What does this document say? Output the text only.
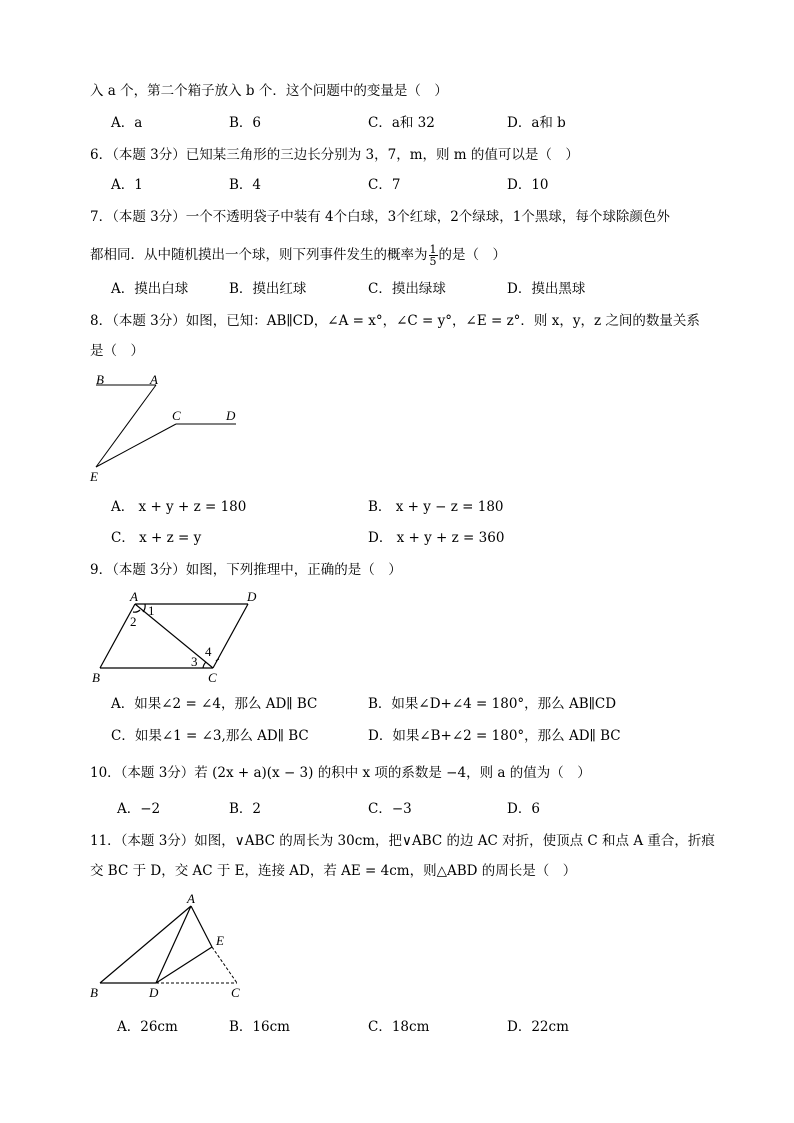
入 a 个，第二个箱子放入 b 个．这个问题中的变量是（　）
A．a	B．6	C．a和 32	D．a和 b
6．（本题 3分）已知某三角形的三边长分别为 3，7，m，则 m 的值可以是（　）
A．1	B．4	C．7	D．10
7．（本题 3分）一个不透明袋子中装有 4个白球，3个红球，2个绿球，1个黑球，每个球除颜色外
都相同．从中随机摸出一个球，则下列事件发生的概率为 $\frac{1}{5}$ 的是（　）
A．摸出白球	B．摸出红球	C．摸出绿球	D．摸出黑球
8．（本题 3分）如图，已知：AB∥CD，∠A = x°，∠C = y°，∠E = z°．则 x，y，z 之间的数量关系
是（　）
B	A
C	D
E
A． x + y + z = 180	B． x + y − z = 180
C． x + z = y	D． x + y + z = 360
9．（本题 3分）如图，下列推理中，正确的是（　）
A	D
B	C
1
2
3
4
A．如果∠2 = ∠4，那么 AD∥ BC	B．如果∠D+∠4 = 180°，那么 AB∥CD
C．如果∠1 = ∠3,那么 AD∥ BC	D．如果∠B+∠2 = 180°，那么 AD∥ BC
10．（本题 3分）若 (2x + a)(x − 3) 的积中 x 项的系数是 −4，则 a 的值为（　）
A．−2	B．2	C．−3	D．6
11．（本题 3分）如图，∨ABC 的周长为 30cm，把∨ABC 的边 AC 对折，使顶点 C 和点 A 重合，折痕
交 BC 于 D，交 AC 于 E，连接 AD，若 AE = 4cm，则△ABD 的周长是（　）
A
E
B	D	C
A．26cm	B．16cm	C．18cm	D．22cm
